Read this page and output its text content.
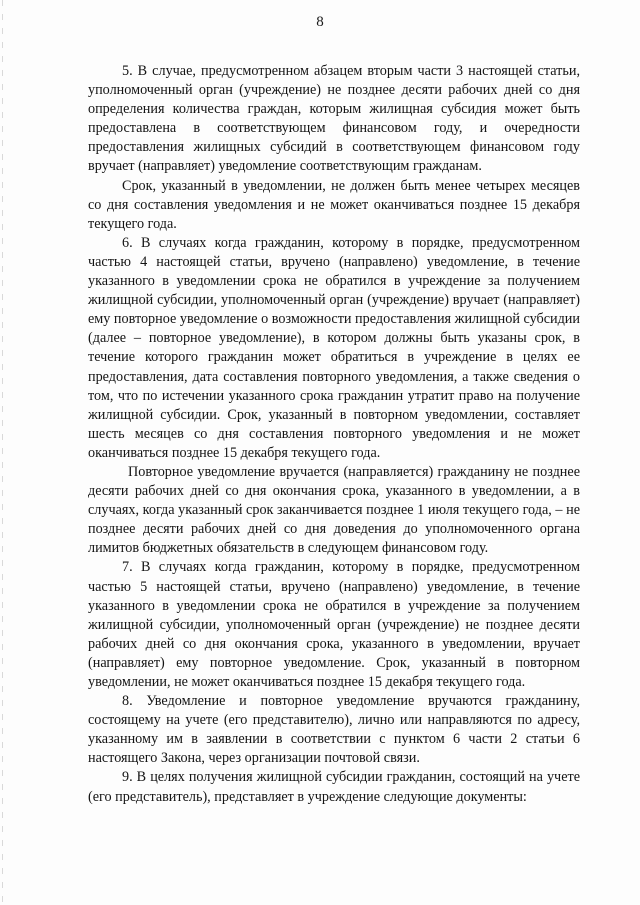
8

5. В случае, предусмотренном абзацем вторым части 3 настоящей статьи, уполномоченный орган (учреждение) не позднее десяти рабочих дней со дня определения количества граждан, которым жилищная субсидия может быть предоставлена в соответствующем финансовом году, и очередности предоставления жилищных субсидий в соответствующем финансовом году вручает (направляет) уведомление соответствующим гражданам.

Срок, указанный в уведомлении, не должен быть менее четырех месяцев со дня составления уведомления и не может оканчиваться позднее 15 декабря текущего года.

6. В случаях когда гражданин, которому в порядке, предусмотренном частью 4 настоящей статьи, вручено (направлено) уведомление, в течение указанного в уведомлении срока не обратился в учреждение за получением жилищной субсидии, уполномоченный орган (учреждение) вручает (направляет) ему повторное уведомление о возможности предоставления жилищной субсидии (далее – повторное уведомление), в котором должны быть указаны срок, в течение которого гражданин может обратиться в учреждение в целях ее предоставления, дата составления повторного уведомления, а также сведения о том, что по истечении указанного срока гражданин утратит право на получение жилищной субсидии. Срок, указанный в повторном уведомлении, составляет шесть месяцев со дня составления повторного уведомления и не может оканчиваться позднее 15 декабря текущего года.

Повторное уведомление вручается (направляется) гражданину не позднее десяти рабочих дней со дня окончания срока, указанного в уведомлении, а в случаях, когда указанный срок заканчивается позднее 1 июля текущего года, – не позднее десяти рабочих дней со дня доведения до уполномоченного органа лимитов бюджетных обязательств в следующем финансовом году.

7. В случаях когда гражданин, которому в порядке, предусмотренном частью 5 настоящей статьи, вручено (направлено) уведомление, в течение указанного в уведомлении срока не обратился в учреждение за получением жилищной субсидии, уполномоченный орган (учреждение) не позднее десяти рабочих дней со дня окончания срока, указанного в уведомлении, вручает (направляет) ему повторное уведомление. Срок, указанный в повторном уведомлении, не может оканчиваться позднее 15 декабря текущего года.

8. Уведомление и повторное уведомление вручаются гражданину, состоящему на учете (его представителю), лично или направляются по адресу, указанному им в заявлении в соответствии с пунктом 6 части 2 статьи 6 настоящего Закона, через организации почтовой связи.

9. В целях получения жилищной субсидии гражданин, состоящий на учете (его представитель), представляет в учреждение следующие документы:
